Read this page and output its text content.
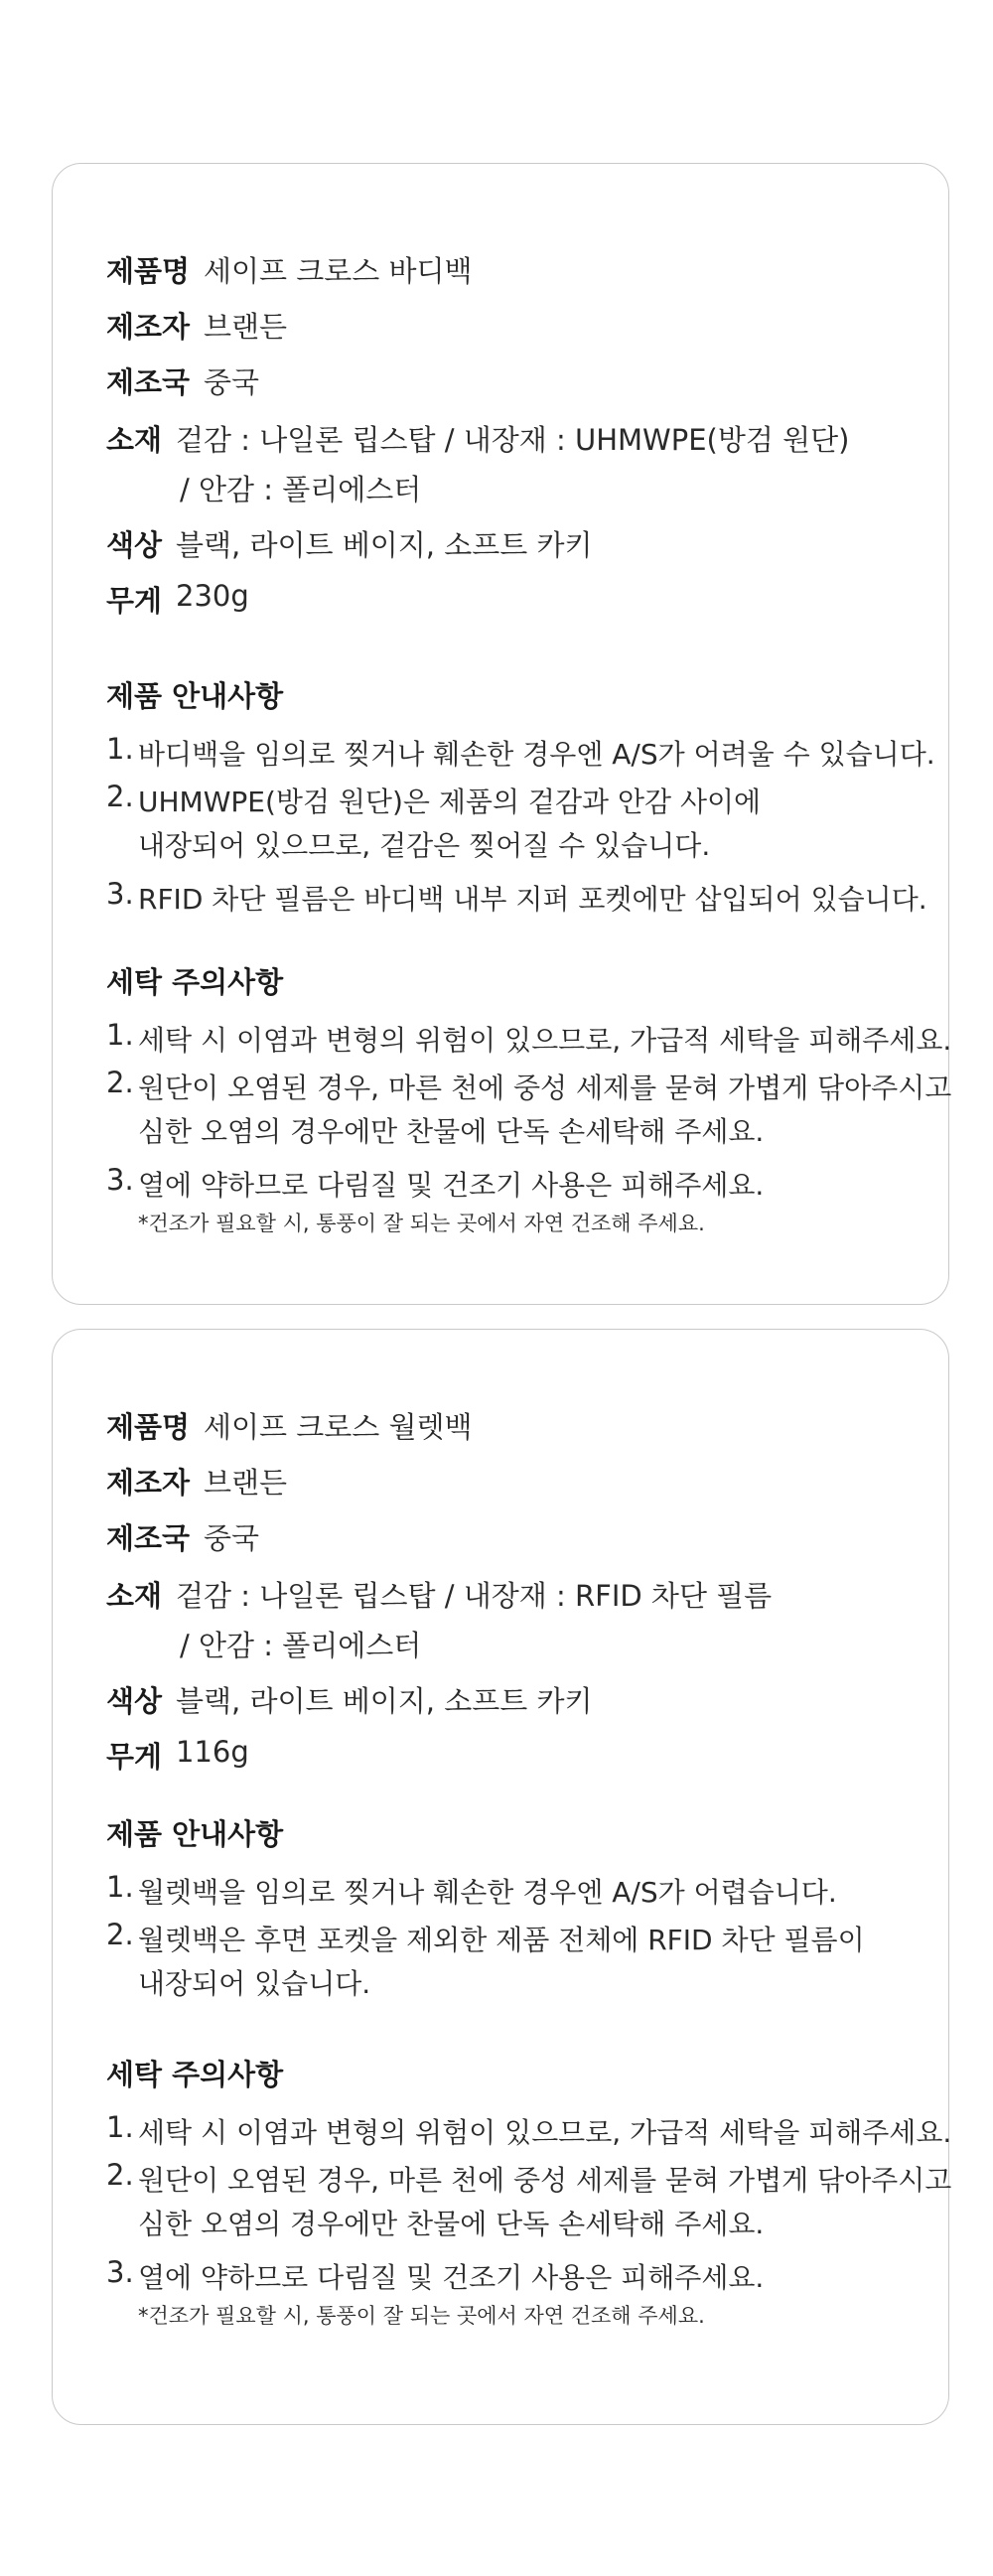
제품명 세이프 크로스 바디백
제조자 브랜든
제조국 중국
소재 겉감 : 나일론 립스탑 / 내장재 : UHMWPE(방검 원단)
/ 안감 : 폴리에스터
색상 블랙, 라이트 베이지, 소프트 카키
무게 230g
제품 안내사항
1. 바디백을 임의로 찢거나 훼손한 경우엔 A/S가 어려울 수 있습니다.
2. UHMWPE(방검 원단)은 제품의 겉감과 안감 사이에
내장되어 있으므로, 겉감은 찢어질 수 있습니다.
3. RFID 차단 필름은 바디백 내부 지퍼 포켓에만 삽입되어 있습니다.
세탁 주의사항
1. 세탁 시 이염과 변형의 위험이 있으므로, 가급적 세탁을 피해주세요.
2. 원단이 오염된 경우, 마른 천에 중성 세제를 묻혀 가볍게 닦아주시고
심한 오염의 경우에만 찬물에 단독 손세탁해 주세요.
3. 열에 약하므로 다림질 및 건조기 사용은 피해주세요.
*건조가 필요할 시, 통풍이 잘 되는 곳에서 자연 건조해 주세요.
제품명 세이프 크로스 월렛백
제조자 브랜든
제조국 중국
소재 겉감 : 나일론 립스탑 / 내장재 : RFID 차단 필름
/ 안감 : 폴리에스터
색상 블랙, 라이트 베이지, 소프트 카키
무게 116g
제품 안내사항
1. 월렛백을 임의로 찢거나 훼손한 경우엔 A/S가 어렵습니다.
2. 월렛백은 후면 포켓을 제외한 제품 전체에 RFID 차단 필름이
내장되어 있습니다.
세탁 주의사항
1. 세탁 시 이염과 변형의 위험이 있으므로, 가급적 세탁을 피해주세요.
2. 원단이 오염된 경우, 마른 천에 중성 세제를 묻혀 가볍게 닦아주시고
심한 오염의 경우에만 찬물에 단독 손세탁해 주세요.
3. 열에 약하므로 다림질 및 건조기 사용은 피해주세요.
*건조가 필요할 시, 통풍이 잘 되는 곳에서 자연 건조해 주세요.
